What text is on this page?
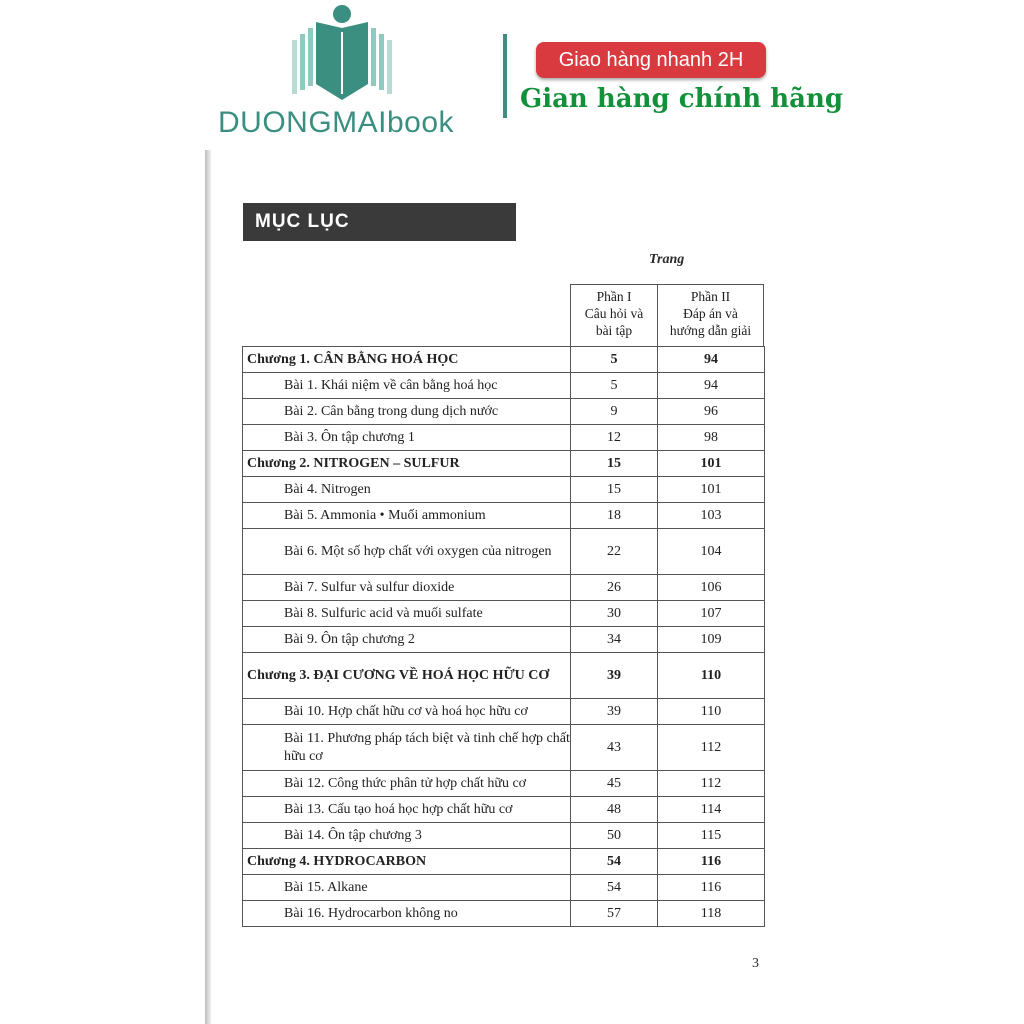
DUONGMAIbook
Giao hàng nhanh 2H
Gian hàng chính hãng
MỤC LỤC
Trang
Phần I
Câu hỏi và
bài tập
Phần II
Đáp án và
hướng dẫn giải
Chương 1. CÂN BẰNG HOÁ HỌC	5	94

Bài 1. Khái niệm về cân bằng hoá học	5	94

Bài 2. Cân bằng trong dung dịch nước	9	96

Bài 3. Ôn tập chương 1	12	98

Chương 2. NITROGEN – SULFUR	15	101

Bài 4. Nitrogen	15	101

Bài 5. Ammonia • Muối ammonium	18	103

Bài 6. Một số hợp chất với oxygen của nitrogen	22	104

Bài 7. Sulfur và sulfur dioxide	26	106

Bài 8. Sulfuric acid và muối sulfate	30	107

Bài 9. Ôn tập chương 2	34	109

Chương 3. ĐẠI CƯƠNG VỀ HOÁ HỌC HỮU CƠ	39	110

Bài 10. Hợp chất hữu cơ và hoá học hữu cơ	39	110

Bài 11. Phương pháp tách biệt và tinh chế hợp chất hữu cơ	43	112

Bài 12. Công thức phân tử hợp chất hữu cơ	45	112

Bài 13. Cấu tạo hoá học hợp chất hữu cơ	48	114

Bài 14. Ôn tập chương 3	50	115

Chương 4. HYDROCARBON	54	116

Bài 15. Alkane	54	116

Bài 16. Hydrocarbon không no	57	118
3
